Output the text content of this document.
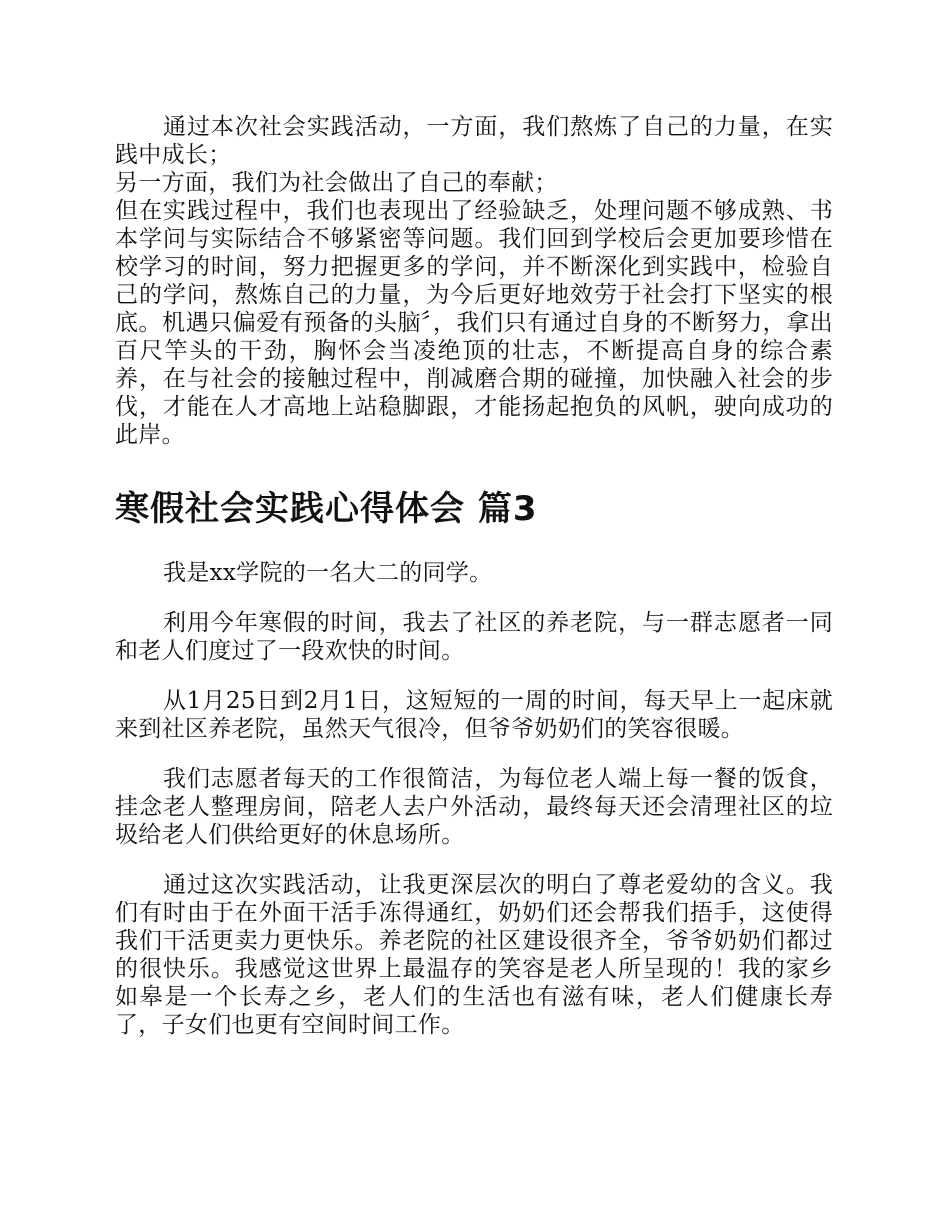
通过本次社会实践活动，一方面，我们熬炼了自己的力量，在实践中成长；

另一方面，我们为社会做出了自己的奉献；

但在实践过程中，我们也表现出了经验缺乏，处理问题不够成熟、书本学问与实际结合不够紧密等问题。我们回到学校后会更加要珍惜在校学习的时间，努力把握更多的学问，并不断深化到实践中，检验自己的学问，熬炼自己的力量，为今后更好地效劳于社会打下坚实的根底。机遇只偏爱有预备的头脑〞，我们只有通过自身的不断努力，拿出百尺竿头的干劲，胸怀会当凌绝顶的壮志，不断提高自身的综合素养，在与社会的接触过程中，削减磨合期的碰撞，加快融入社会的步伐，才能在人才高地上站稳脚跟，才能扬起抱负的风帆，驶向成功的此岸。

寒假社会实践心得体会 篇3

我是xx学院的一名大二的同学。

利用今年寒假的时间，我去了社区的养老院，与一群志愿者一同和老人们度过了一段欢快的时间。

从1月25日到2月1日，这短短的一周的时间，每天早上一起床就来到社区养老院，虽然天气很冷，但爷爷奶奶们的笑容很暖。

我们志愿者每天的工作很简洁，为每位老人端上每一餐的饭食，挂念老人整理房间，陪老人去户外活动，最终每天还会清理社区的垃圾给老人们供给更好的休息场所。

通过这次实践活动，让我更深层次的明白了尊老爱幼的含义。我们有时由于在外面干活手冻得通红，奶奶们还会帮我们捂手，这使得我们干活更卖力更快乐。养老院的社区建设很齐全，爷爷奶奶们都过的很快乐。我感觉这世界上最温存的笑容是老人所呈现的！我的家乡如皋是一个长寿之乡，老人们的生活也有滋有味，老人们健康长寿了，子女们也更有空间时间工作。
